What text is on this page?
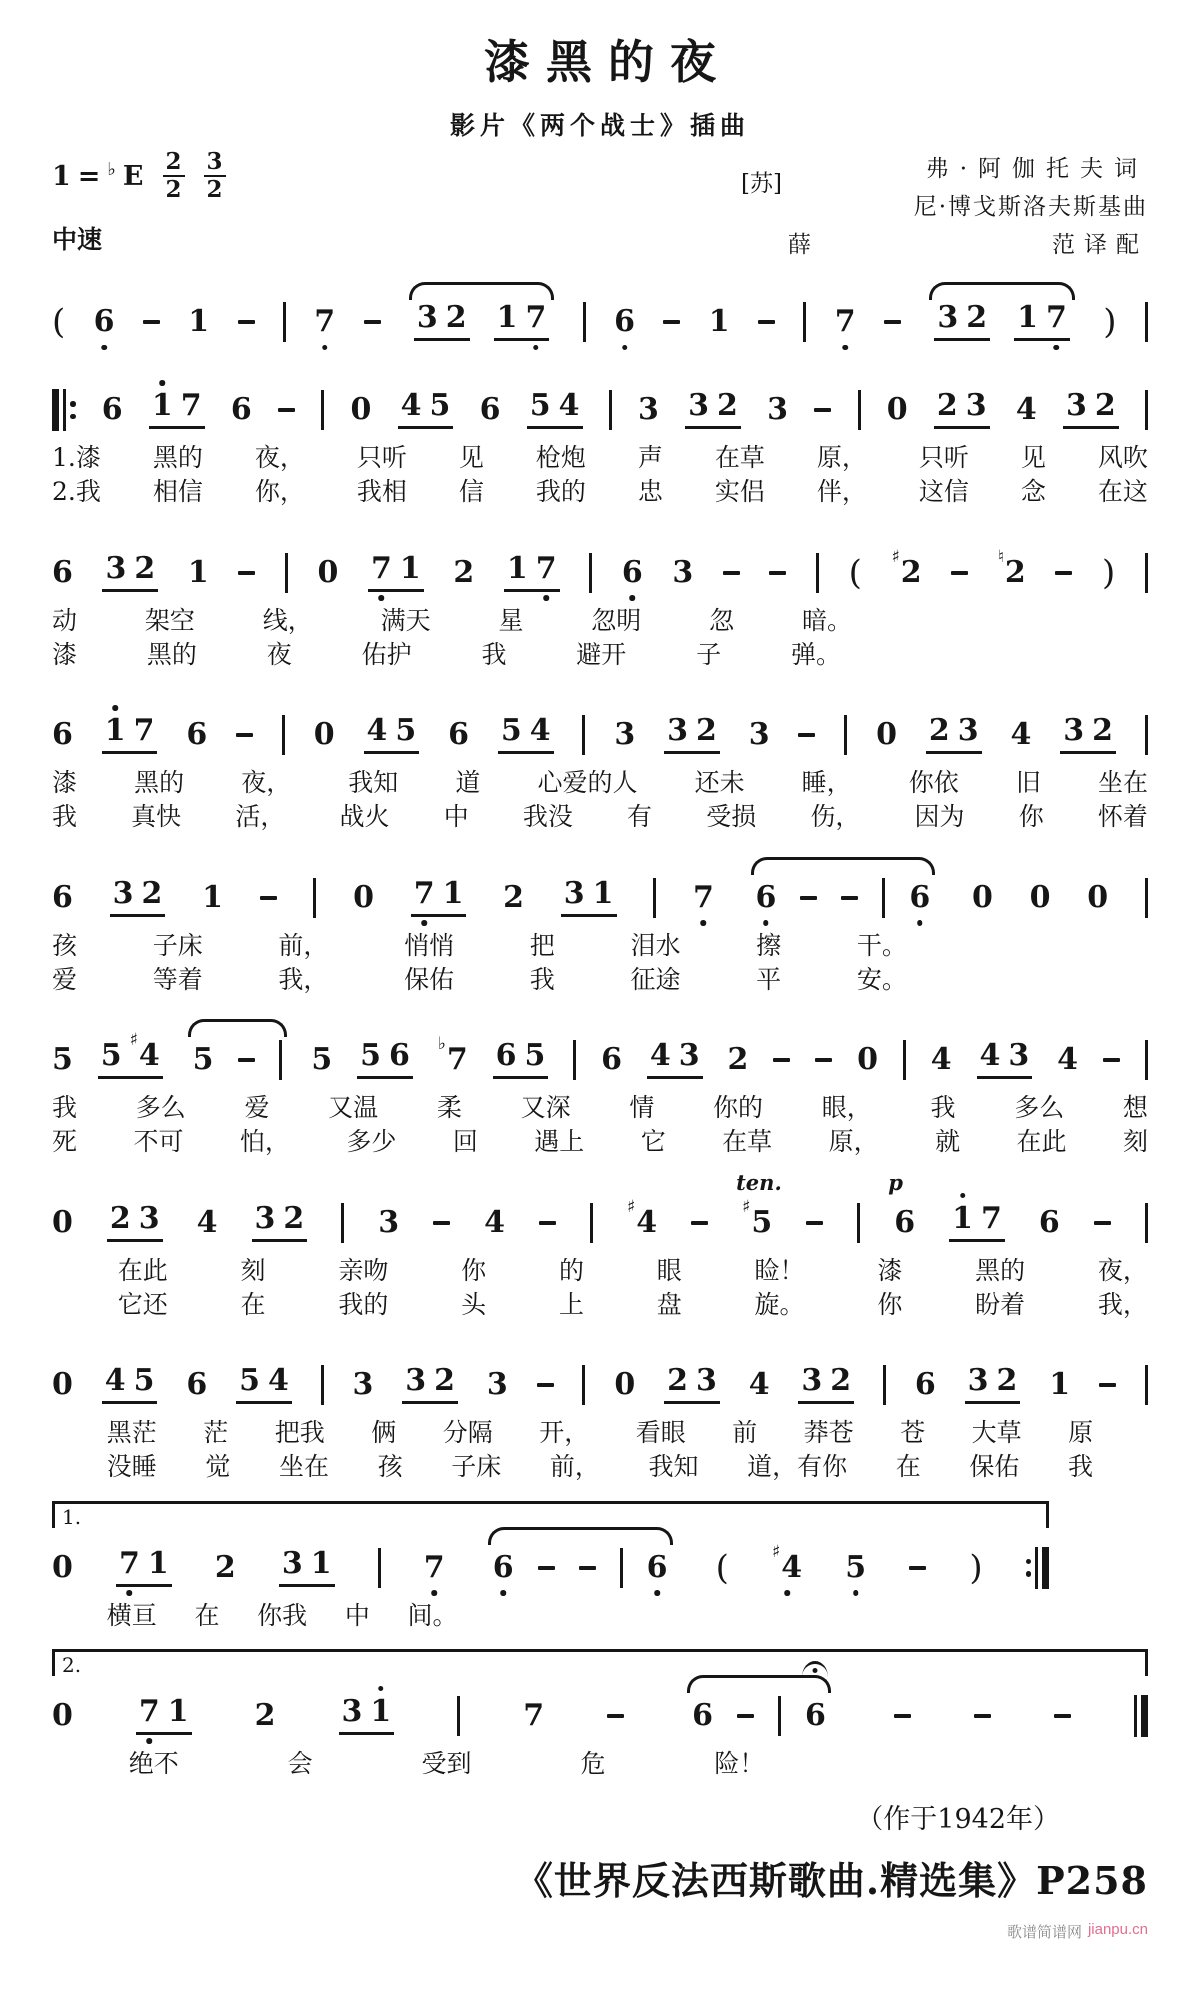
漆黑的夜
影片《两个战士》插曲
1 = ♭ E $\frac{2}{2} \frac{3}{2}$
中速
[苏]
弗·阿伽托夫词
尼·博戈斯洛夫斯基曲
薛	范译配
( 6 1	7	3 2 1 7 6 1	7	3 2 1 7 )
6 1 7 6	0 4 5 6 5 4 3 3 2 3	0 2 3 4 3 2
1.漆 黑的 夜， 只听 见 枪炮 声 在草 原， 只听 见 风吹
2.我 相信 你， 我相 信 我的 忠 实侣 伴， 这信 念 在这
6 3 2 1	0 7 1 2 1 7 6 3	( ♯2	♮2 )
动	架空	线，	满天	星	忽明	忽	暗。
漆	黑的	夜	佑护	我	避开	子	弹。
6 1 7 6	0 4 5 6 5 4 3 3 2 3	0 2 3 4 3 2
漆 黑的 夜， 我知 道 心爱的人 还未 睡， 你依 旧 坐在
我 真快 活， 战火 中 我没 有 受损 伤， 因为 你 怀着
6 3 2 1	0 7 1 2 3 1	7 6	6 0 0 0
孩	子床	前，	悄悄	把	泪水	擦	干。
爱	等着	我，	保佑	我	征途	平	安。
5 5 ♯4 5	5 5 6 ♭7 6 5 6 4 3 2	0 4 4 3 4
我 多么 爱 又温 柔 又深 情 你的 眼， 我 多么 想
死 不可 怕， 多少 回 遇上 它 在草 原， 就 在此 刻
0 2 3 4 3 2 3	4	♯4	♯5
ten.
6
p
1 7 6
在此	刻	亲吻	你	的	眼	睑！	漆	黑的	夜，
它还	在	我的	头	上	盘	旋。	你	盼着	我，
0 4 5 6 5 4 3 3 2 3	0 2 3 4 3 2 6 3 2 1
黑茫 茫 把我 俩 分隔 开， 看眼 前 莽苍 苍 大草 原
没睡 觉 坐在 孩 子床 前， 我知 道，有你 在 保佑 我
1.
0 7 1 2 3 1	7 6	6 (	♯4 5	)
横亘 在 你我 中 间。
2.
0 7 1 2 3 1	7	6	6
绝不	会	受到	危	险！
（作于1942年）
《世界反法西斯歌曲.精选集》P258
歌谱简谱网 jianpu.cn
